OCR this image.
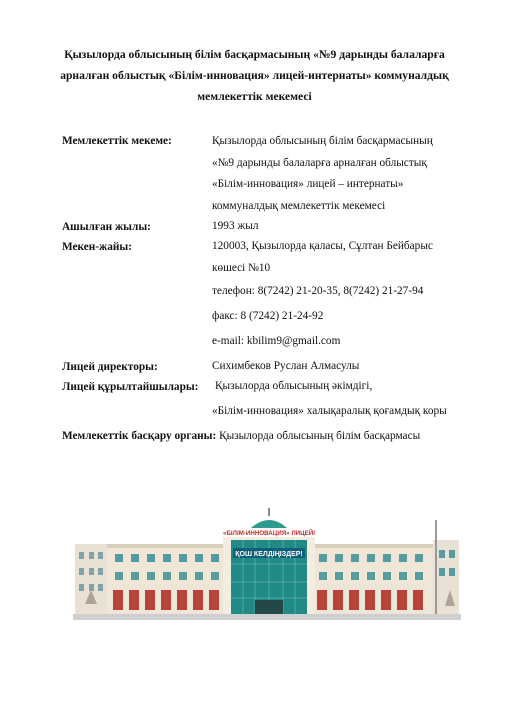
Қызылорда облысының білім басқармасының «№9 дарынды балаларға
арналған облыстық «Білім-инновация» лицей-интернаты» коммуналдық
мемлекеттік мекемесі
Мемлекеттік мекеме:	Қызылорда облысының білім басқармасының
«№9 дарынды балаларға арналған облыстық
«Білім-инновация» лицей – интернаты»
коммуналдық мемлекеттік мекемесі
Ашылған жылы:	1993 жыл
Мекен-жайы:	120003, Қызылорда қаласы, Сұлтан Бейбарыс
көшесі №10
телефон: 8(7242) 21-20-35, 8(7242) 21-27-94
факс: 8 (7242) 21-24-92
e-mail: kbilim9@gmail.com
Лицей директоры:	Сихимбеков Руслан Алмасулы
Лицей құрылтайшылары: Қызылорда облысының әкімдігі,
«Білім-инновация» халықаралық қоғамдық коры
Мемлекеттік басқару органы: Қызылорда облысының білім басқармасы
«БІЛІМ-ИННОВАЦИЯ» ЛИЦЕЙІ
ҚОШ КЕЛДІҢІЗДЕР!
